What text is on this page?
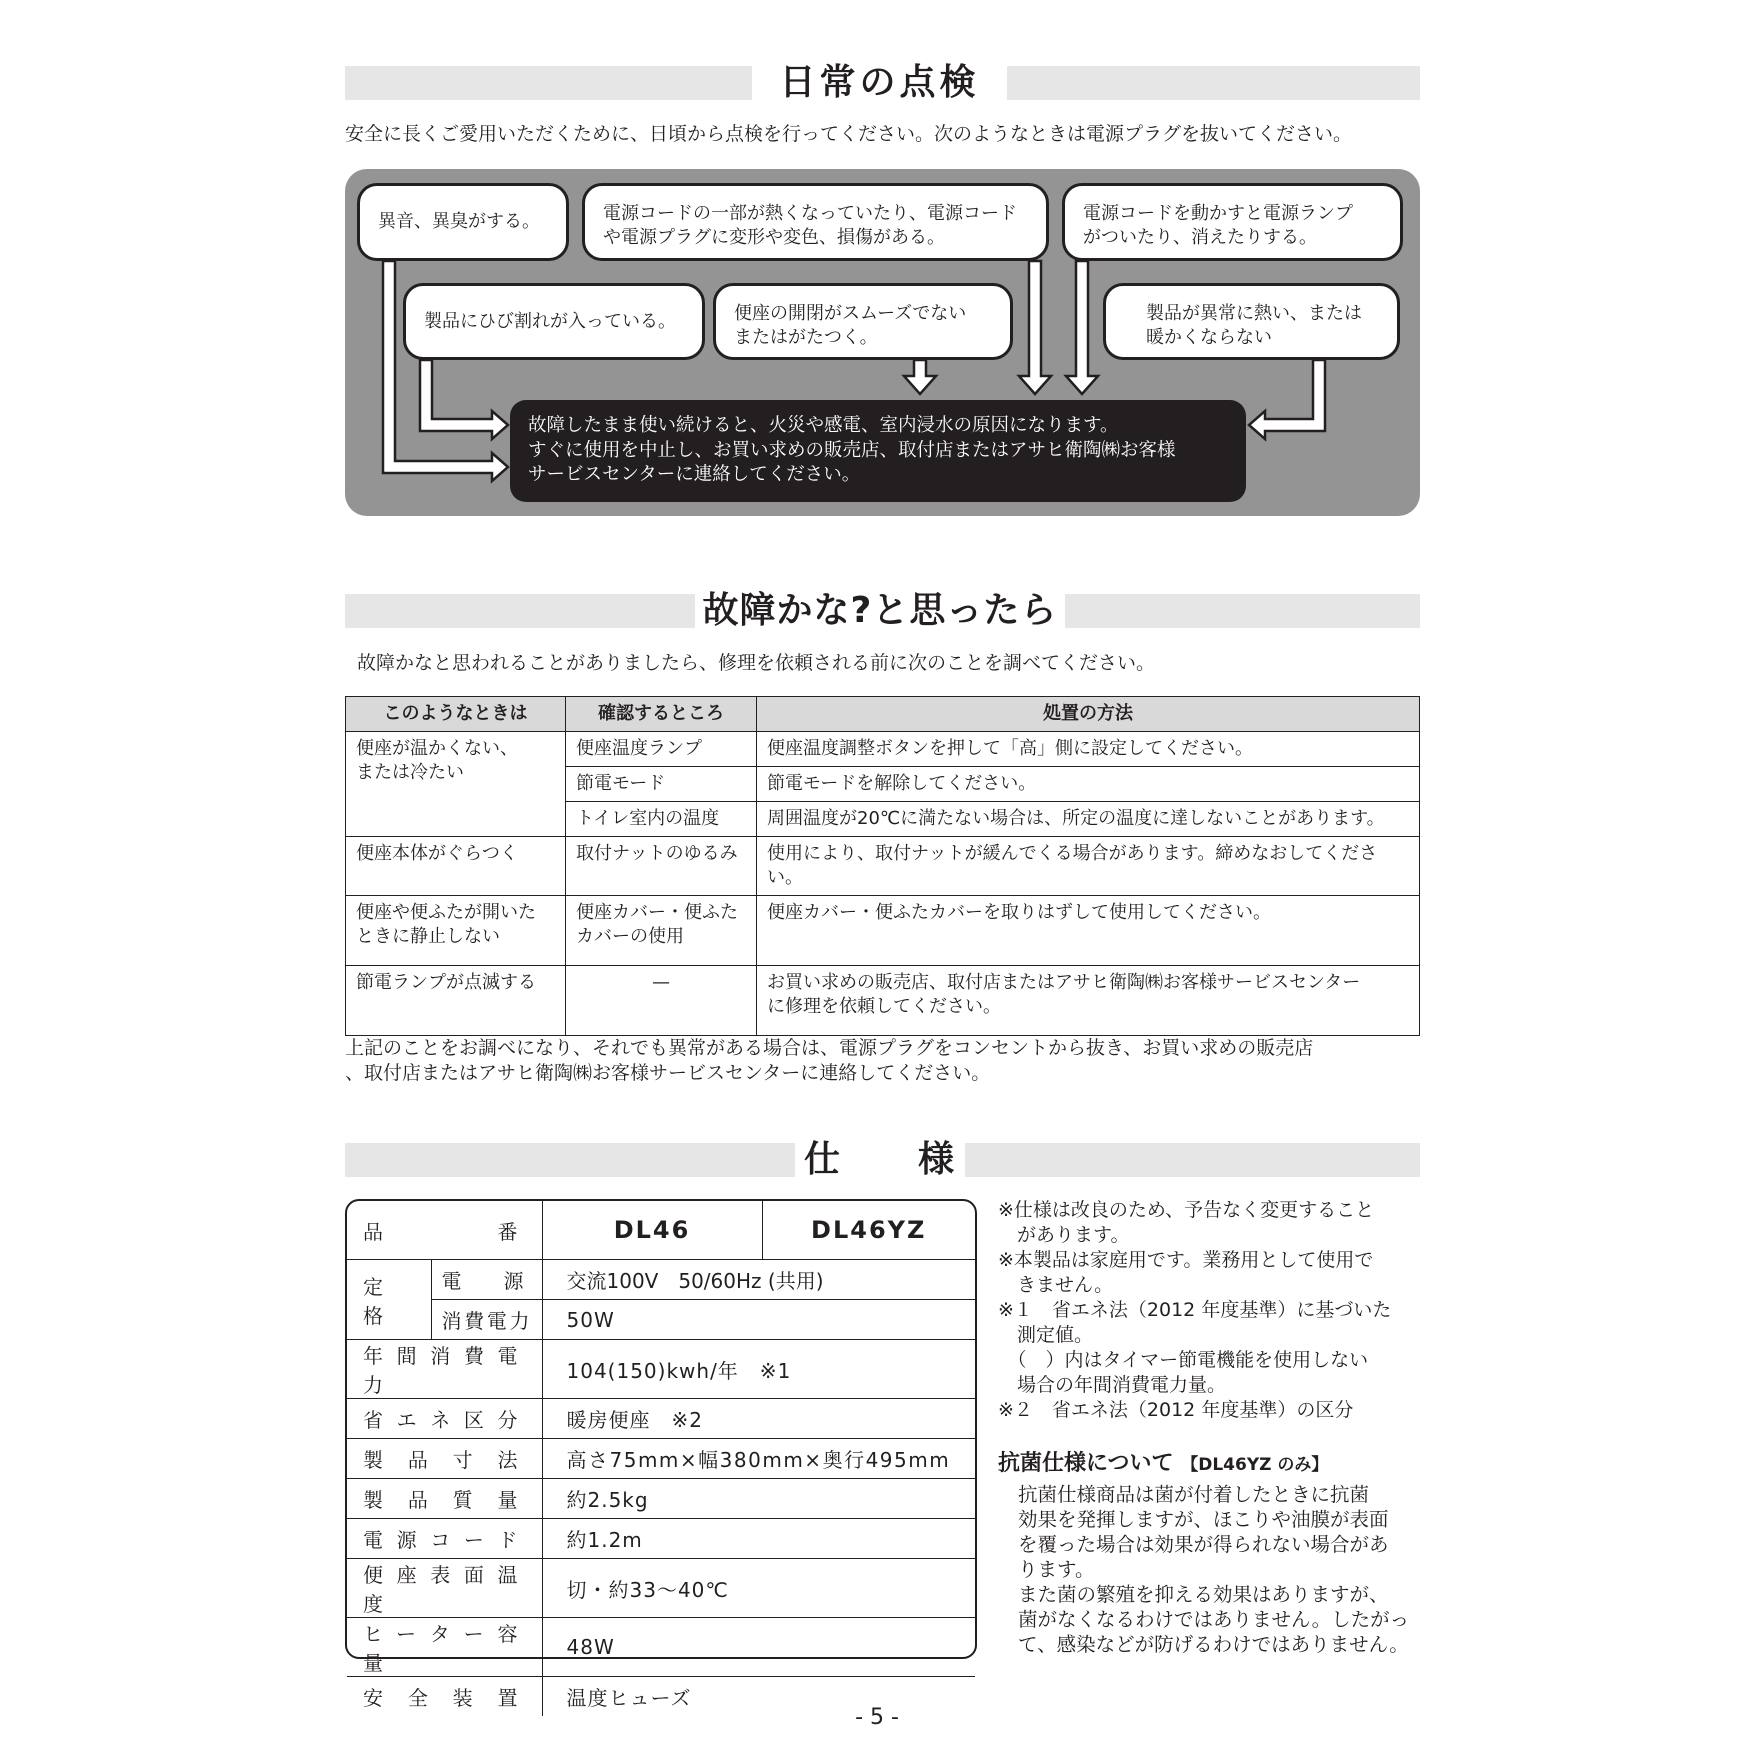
日常の点検
安全に長くご愛用いただくために、日頃から点検を行ってください。次のようなときは電源プラグを抜いてください。
異音、異臭がする。	電源コードの一部が熱くなっていたり、電源コード
や電源プラグに変形や変色、損傷がある。
電源コードを動かすと電源ランプ
がついたり、消えたりする。
製品にひび割れが入っている。	便座の開閉がスムーズでない
またはがたつく。
製品が異常に熱い、または
暖かくならない
故障したまま使い続けると、火災や感電、室内浸水の原因になります。
すぐに使用を中止し、お買い求めの販売店、取付店またはアサヒ衛陶㈱お客様
サービスセンターに連絡してください。
故障かな?と思ったら
故障かなと思われることがありましたら、修理を依頼される前に次のことを調べてください。
このようなときは	確認するところ	処置の方法
便座が温かくない、
または冷たい	便座温度ランプ	便座温度調整ボタンを押して「高」側に設定してください。
	節電モード	節電モードを解除してください。
	トイレ室内の温度	周囲温度が20℃に満たない場合は、所定の温度に達しないことがあります。
便座本体がぐらつく	取付ナットのゆるみ	使用により、取付ナットが緩んでくる場合があります。締めなおしてください。
便座や便ふたが開いた
ときに静止しない	便座カバー・便ふた
カバーの使用	便座カバー・便ふたカバーを取りはずして使用してください。
節電ランプが点滅する	—	お買い求めの販売店、取付店またはアサヒ衛陶㈱お客様サービスセンター
に修理を依頼してください。
上記のことをお調べになり、それでも異常がある場合は、電源プラグをコンセントから抜き、お買い求めの販売店
、取付店またはアサヒ衛陶㈱お客様サービスセンターに連絡してください。
仕　　様
品　番		DL46	DL46YZ
定格	電　源	交流100V　50/60Hz (共用)	
	消費電力	50W	
年間消費電力		104(150)kwh/年　※1	
省エネ区分		暖房便座　※2	
製品寸法		高さ75mm×幅380mm×奥行495mm	
製品質量		約2.5kg	
電源コード		約1.2m	
便座表面温度		切・約33〜40℃	
ヒーター容量		48W	
安全装置		温度ヒューズ	

※仕様は改良のため、予告なく変更すること
　があります。

※本製品は家庭用です。業務用として使用で
　きません。

※１　省エネ法（2012 年度基準）に基づいた
　測定値。
　（　）内はタイマー節電機能を使用しない
　場合の年間消費電力量。

※２　省エネ法（2012 年度基準）の区分

抗菌仕様について 【DL46YZ のみ】
抗菌仕様商品は菌が付着したときに抗菌
効果を発揮しますが、ほこりや油膜が表面
を覆った場合は効果が得られない場合があ
ります。
また菌の繁殖を抑える効果はありますが、
菌がなくなるわけではありません。したがっ
て、感染などが防げるわけではありません。
- 5 -
